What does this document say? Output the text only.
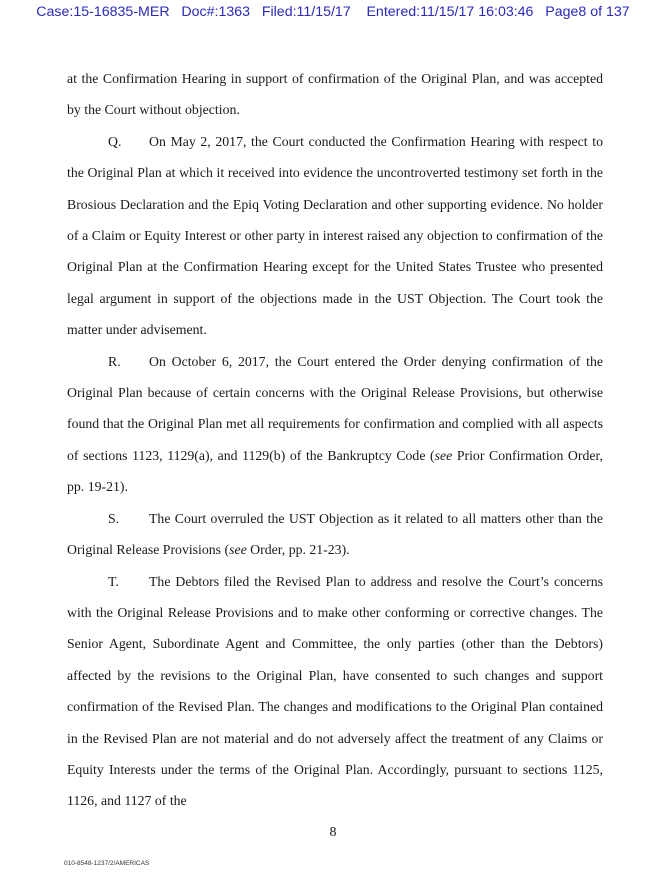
Case:15-16835-MER   Doc#:1363   Filed:11/15/17    Entered:11/15/17 16:03:46   Page8 of 137

at the Confirmation Hearing in support of confirmation of the Original Plan, and was accepted by the Court without objection.

Q. On May 2, 2017, the Court conducted the Confirmation Hearing with respect to the Original Plan at which it received into evidence the uncontroverted testimony set forth in the Brosious Declaration and the Epiq Voting Declaration and other supporting evidence. No holder of a Claim or Equity Interest or other party in interest raised any objection to confirmation of the Original Plan at the Confirmation Hearing except for the United States Trustee who presented legal argument in support of the objections made in the UST Objection. The Court took the matter under advisement.

R. On October 6, 2017, the Court entered the Order denying confirmation of the Original Plan because of certain concerns with the Original Release Provisions, but otherwise found that the Original Plan met all requirements for confirmation and complied with all aspects of sections 1123, 1129(a), and 1129(b) of the Bankruptcy Code (see Prior Confirmation Order, pp. 19-21).

S. The Court overruled the UST Objection as it related to all matters other than the Original Release Provisions (see Order, pp. 21-23).

T. The Debtors filed the Revised Plan to address and resolve the Court’s concerns with the Original Release Provisions and to make other conforming or corrective changes. The Senior Agent, Subordinate Agent and Committee, the only parties (other than the Debtors) affected by the revisions to the Original Plan, have consented to such changes and support confirmation of the Revised Plan. The changes and modifications to the Original Plan contained in the Revised Plan are not material and do not adversely affect the treatment of any Claims or Equity Interests under the terms of the Original Plan. Accordingly, pursuant to sections 1125, 1126, and 1127 of the

8
010-8548-1237/2/AMERICAS
